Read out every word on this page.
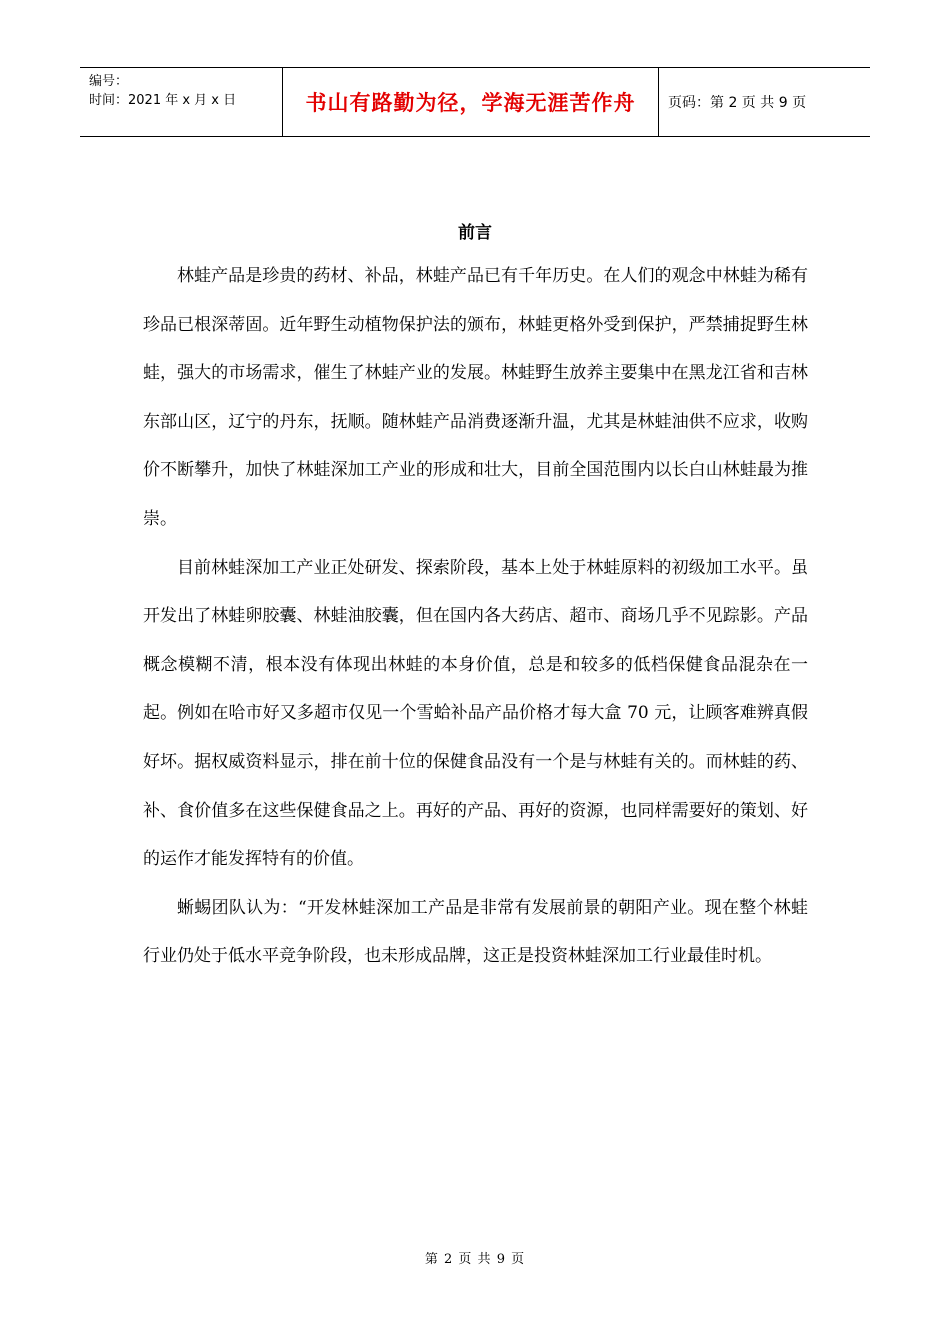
编号：
时间：2021 年 x 月 x 日	书山有路勤为径，学海无涯苦作舟	页码：第 2 页 共 9 页
前言

林蛙产品是珍贵的药材、补品，林蛙产品已有千年历史。在人们的观念中林蛙为稀有珍品已根深蒂固。近年野生动植物保护法的颁布，林蛙更格外受到保护，严禁捕捉野生林蛙，强大的市场需求，催生了林蛙产业的发展。林蛙野生放养主要集中在黑龙江省和吉林东部山区，辽宁的丹东，抚顺。随林蛙产品消费逐渐升温，尤其是林蛙油供不应求，收购价不断攀升，加快了林蛙深加工产业的形成和壮大，目前全国范围内以长白山林蛙最为推崇。

目前林蛙深加工产业正处研发、探索阶段，基本上处于林蛙原料的初级加工水平。虽开发出了林蛙卵胶囊、林蛙油胶囊，但在国内各大药店、超市、商场几乎不见踪影。产品概念模糊不清，根本没有体现出林蛙的本身价值，总是和较多的低档保健食品混杂在一起。例如在哈市好又多超市仅见一个雪蛤补品产品价格才每大盒 70 元，让顾客难辨真假好坏。据权威资料显示，排在前十位的保健食品没有一个是与林蛙有关的。而林蛙的药、补、食价值多在这些保健食品之上。再好的产品、再好的资源，也同样需要好的策划、好的运作才能发挥特有的价值。

蜥蜴团队认为：“开发林蛙深加工产品是非常有发展前景的朝阳产业。现在整个林蛙行业仍处于低水平竞争阶段，也未形成品牌，这正是投资林蛙深加工行业最佳时机。

第 2 页 共 9 页
